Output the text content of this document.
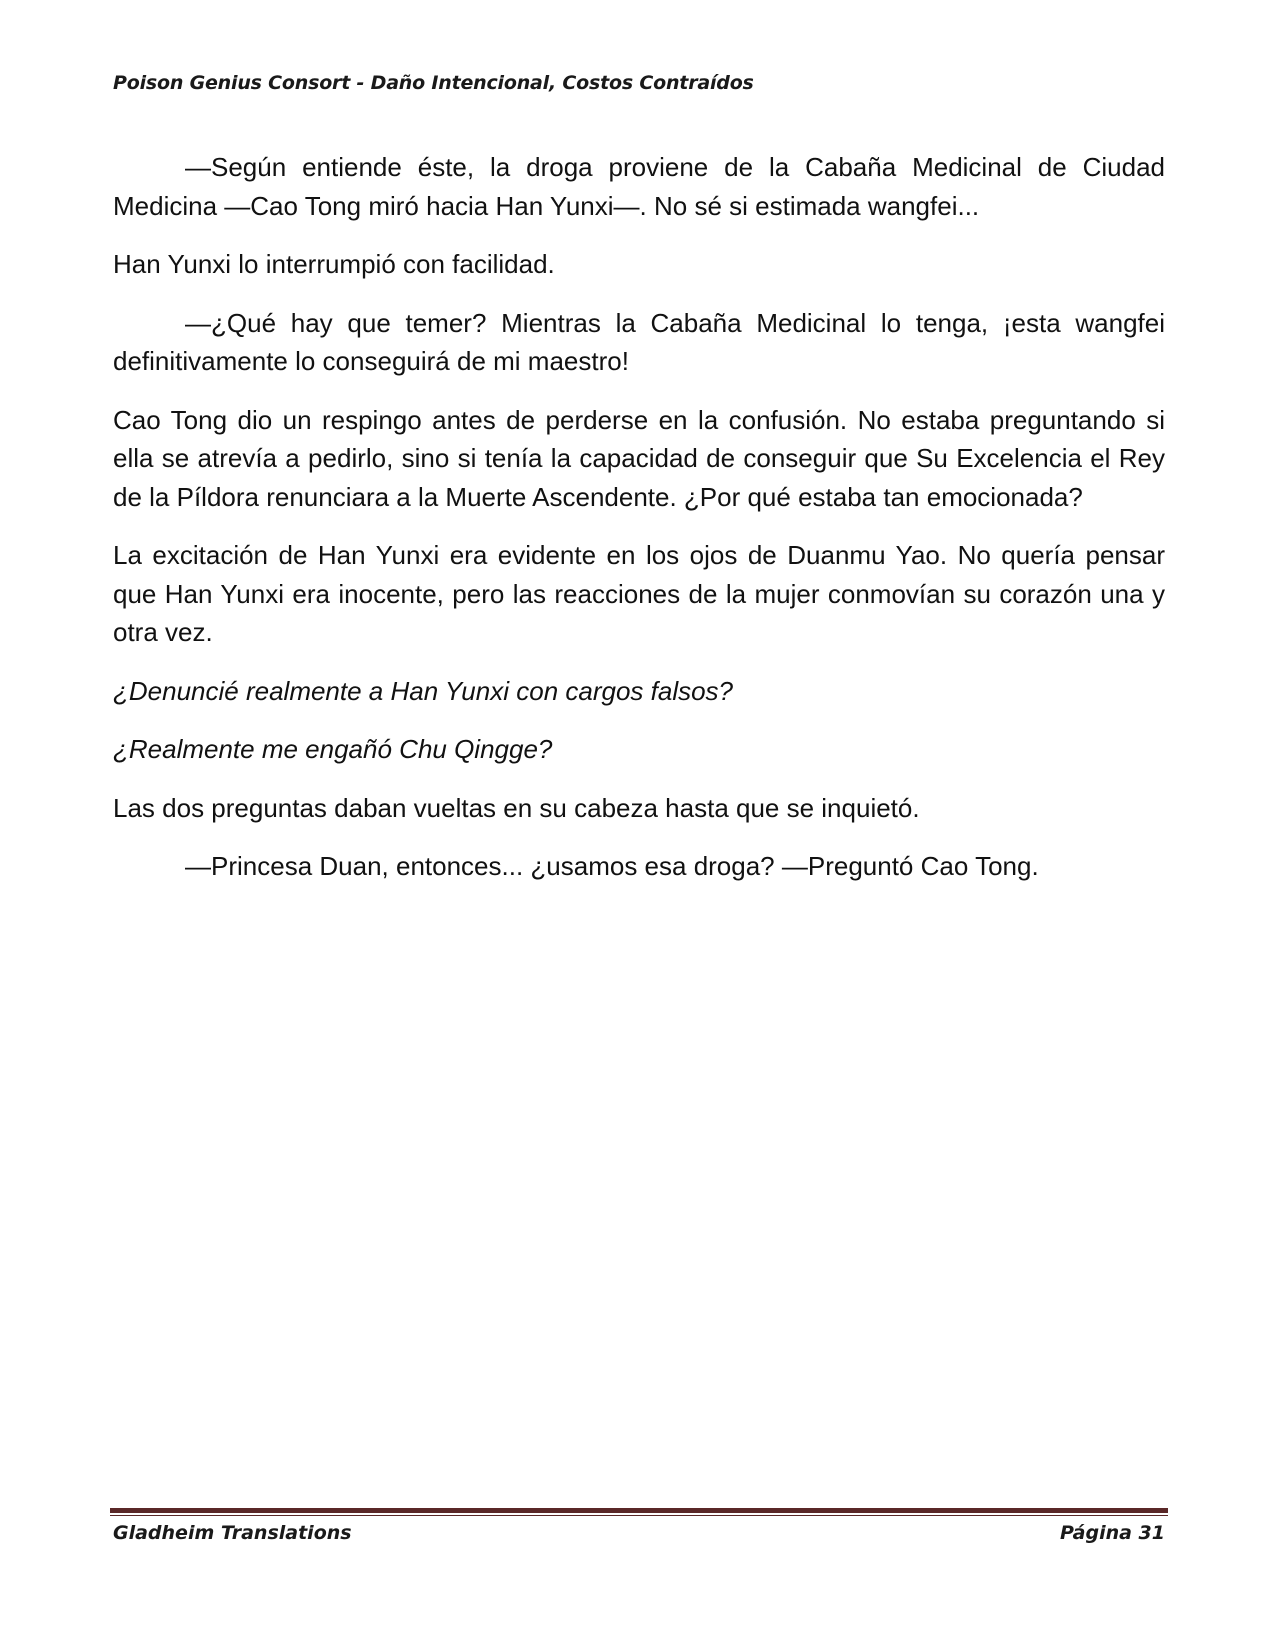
Poison Genius Consort - Daño Intencional, Costos Contraídos

—Según entiende éste, la droga proviene de la Cabaña Medicinal de Ciudad Medicina —Cao Tong miró hacia Han Yunxi—. No sé si estimada wangfei...

Han Yunxi lo interrumpió con facilidad.

—¿Qué hay que temer? Mientras la Cabaña Medicinal lo tenga, ¡esta wangfei definitivamente lo conseguirá de mi maestro!

Cao Tong dio un respingo antes de perderse en la confusión. No estaba preguntando si ella se atrevía a pedirlo, sino si tenía la capacidad de conseguir que Su Excelencia el Rey de la Píldora renunciara a la Muerte Ascendente. ¿Por qué estaba tan emocionada?

La excitación de Han Yunxi era evidente en los ojos de Duanmu Yao. No quería pensar que Han Yunxi era inocente, pero las reacciones de la mujer conmovían su corazón una y otra vez.

¿Denuncié realmente a Han Yunxi con cargos falsos?

¿Realmente me engañó Chu Qingge?

Las dos preguntas daban vueltas en su cabeza hasta que se inquietó.

—Princesa Duan, entonces... ¿usamos esa droga? —Preguntó Cao Tong.

Gladheim Translations	Página 31
